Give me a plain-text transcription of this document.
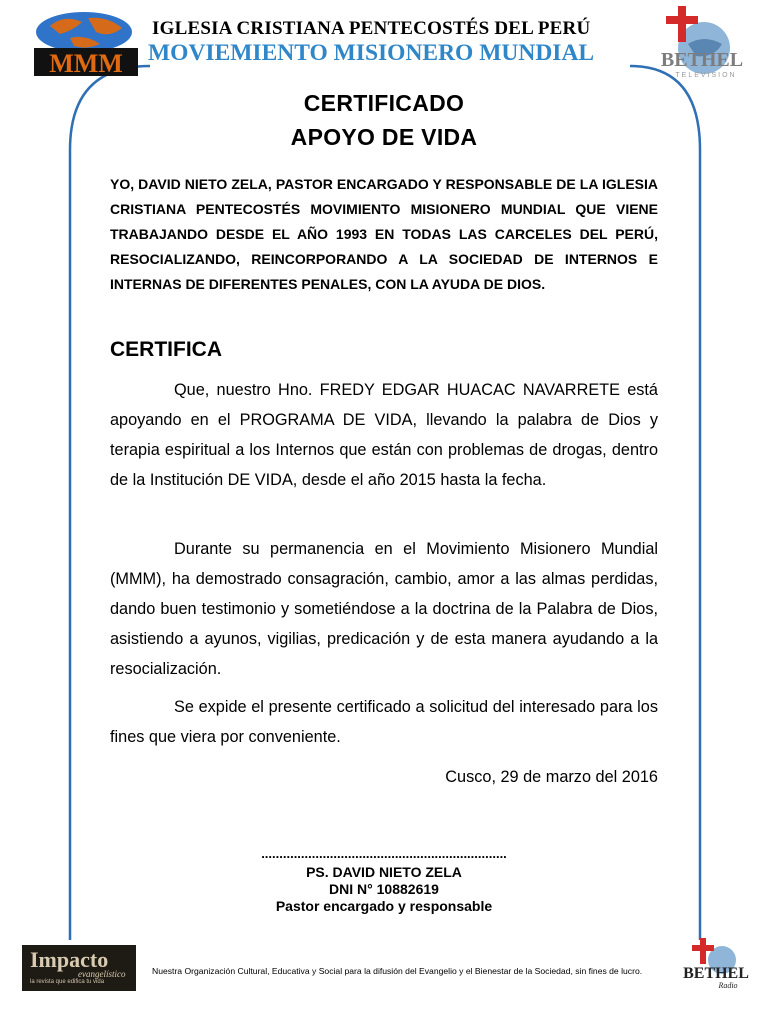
MMM
IGLESIA CRISTIANA PENTECOSTÉS DEL PERÚ
MOVIEMIENTO MISIONERO MUNDIAL	BETHEL
TELEVISION
CERTIFICADO
APOYO DE VIDA
YO, DAVID NIETO ZELA, PASTOR ENCARGADO Y RESPONSABLE DE LA IGLESIA CRISTIANA PENTECOSTÉS MOVIMIENTO MISIONERO MUNDIAL QUE VIENE TRABAJANDO DESDE EL AÑO 1993 EN TODAS LAS CARCELES DEL PERÚ, RESOCIALIZANDO, REINCORPORANDO A LA SOCIEDAD DE INTERNOS E INTERNAS DE DIFERENTES PENALES, CON LA AYUDA DE DIOS.
CERTIFICA
Que, nuestro Hno. FREDY EDGAR HUACAC NAVARRETE está apoyando en el PROGRAMA DE VIDA, llevando la palabra de Dios y terapia espiritual a los Internos que están con problemas de drogas, dentro de la Institución DE VIDA, desde el año 2015 hasta la fecha.
Durante su permanencia en el Movimiento Misionero Mundial (MMM), ha demostrado consagración, cambio, amor a las almas perdidas, dando buen testimonio y sometiéndose a la doctrina de la Palabra de Dios, asistiendo a ayunos, vigilias, predicación y de esta manera ayudando a la resocialización.
Se expide el presente certificado a solicitud del interesado para los fines que viera por conveniente.
Cusco, 29 de marzo del 2016
....................................................................
PS. DAVID NIETO ZELA
DNI N° 10882619
Pastor encargado y responsable
Impacto
evangelístico
la revista que edifica tu vida
Nuestra Organización Cultural, Educativa y Social para la difusión del Evangelio y el Bienestar de la Sociedad, sin fines de lucro.	BETHEL
Radio
